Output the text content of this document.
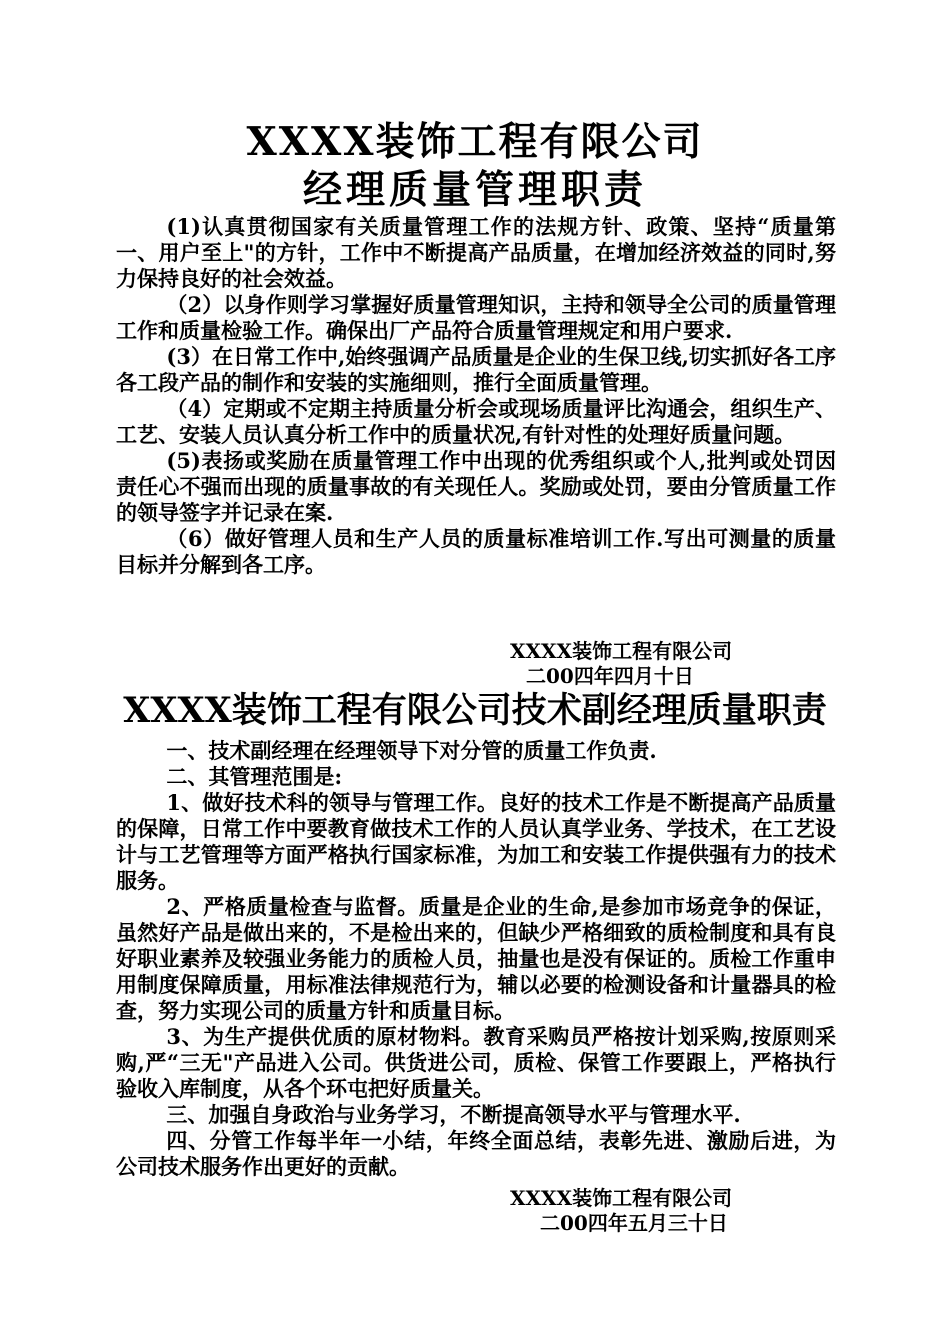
XXXX装饰工程有限公司
经理质量管理职责

(1)认真贯彻国家有关质量管理工作的法规方针、政策、坚持“质量第一、用户至上"的方针，工作中不断提高产品质量，在增加经济效益的同时,努力保持良好的社会效益。

（2）以身作则学习掌握好质量管理知识，主持和领导全公司的质量管理工作和质量检验工作。确保出厂产品符合质量管理规定和用户要求.

(3）在日常工作中,始终强调产品质量是企业的生保卫线,切实抓好各工序各工段产品的制作和安装的实施细则，推行全面质量管理。

（4）定期或不定期主持质量分析会或现场质量评比沟通会，组织生产、工艺、安装人员认真分析工作中的质量状况,有针对性的处理好质量问题。

(5)表扬或奖励在质量管理工作中出现的优秀组织或个人,批判或处罚因责任心不强而出现的质量事故的有关现任人。奖励或处罚，要由分管质量工作的领导签字并记录在案.

（6）做好管理人员和生产人员的质量标准培训工作.写出可测量的质量目标并分解到各工序。

XXXX装饰工程有限公司
二00四年四月十日
XXXX装饰工程有限公司技术副经理质量职责

一、技术副经理在经理领导下对分管的质量工作负责.

二、其管理范围是:

1、做好技术科的领导与管理工作。良好的技术工作是不断提高产品质量的保障，日常工作中要教育做技术工作的人员认真学业务、学技术，在工艺设计与工艺管理等方面严格执行国家标准，为加工和安装工作提供强有力的技术服务。

2、严格质量检查与监督。质量是企业的生命,是参加市场竞争的保证，虽然好产品是做出来的，不是检出来的，但缺少严格细致的质检制度和具有良好职业素养及较强业务能力的质检人员，抽量也是没有保证的。质检工作重申用制度保障质量，用标准法律规范行为，辅以必要的检测设备和计量器具的检查，努力实现公司的质量方针和质量目标。

3、为生产提供优质的原材物料。教育采购员严格按计划采购,按原则采购,严“三无"产品进入公司。供货进公司，质检、保管工作要跟上，严格执行验收入库制度，从各个环屯把好质量关。

三、加强自身政治与业务学习，不断提高领导水平与管理水平.

四、分管工作每半年一小结，年终全面总结，表彰先进、激励后进，为公司技术服务作出更好的贡献。

XXXX装饰工程有限公司
二00四年五月三十日
